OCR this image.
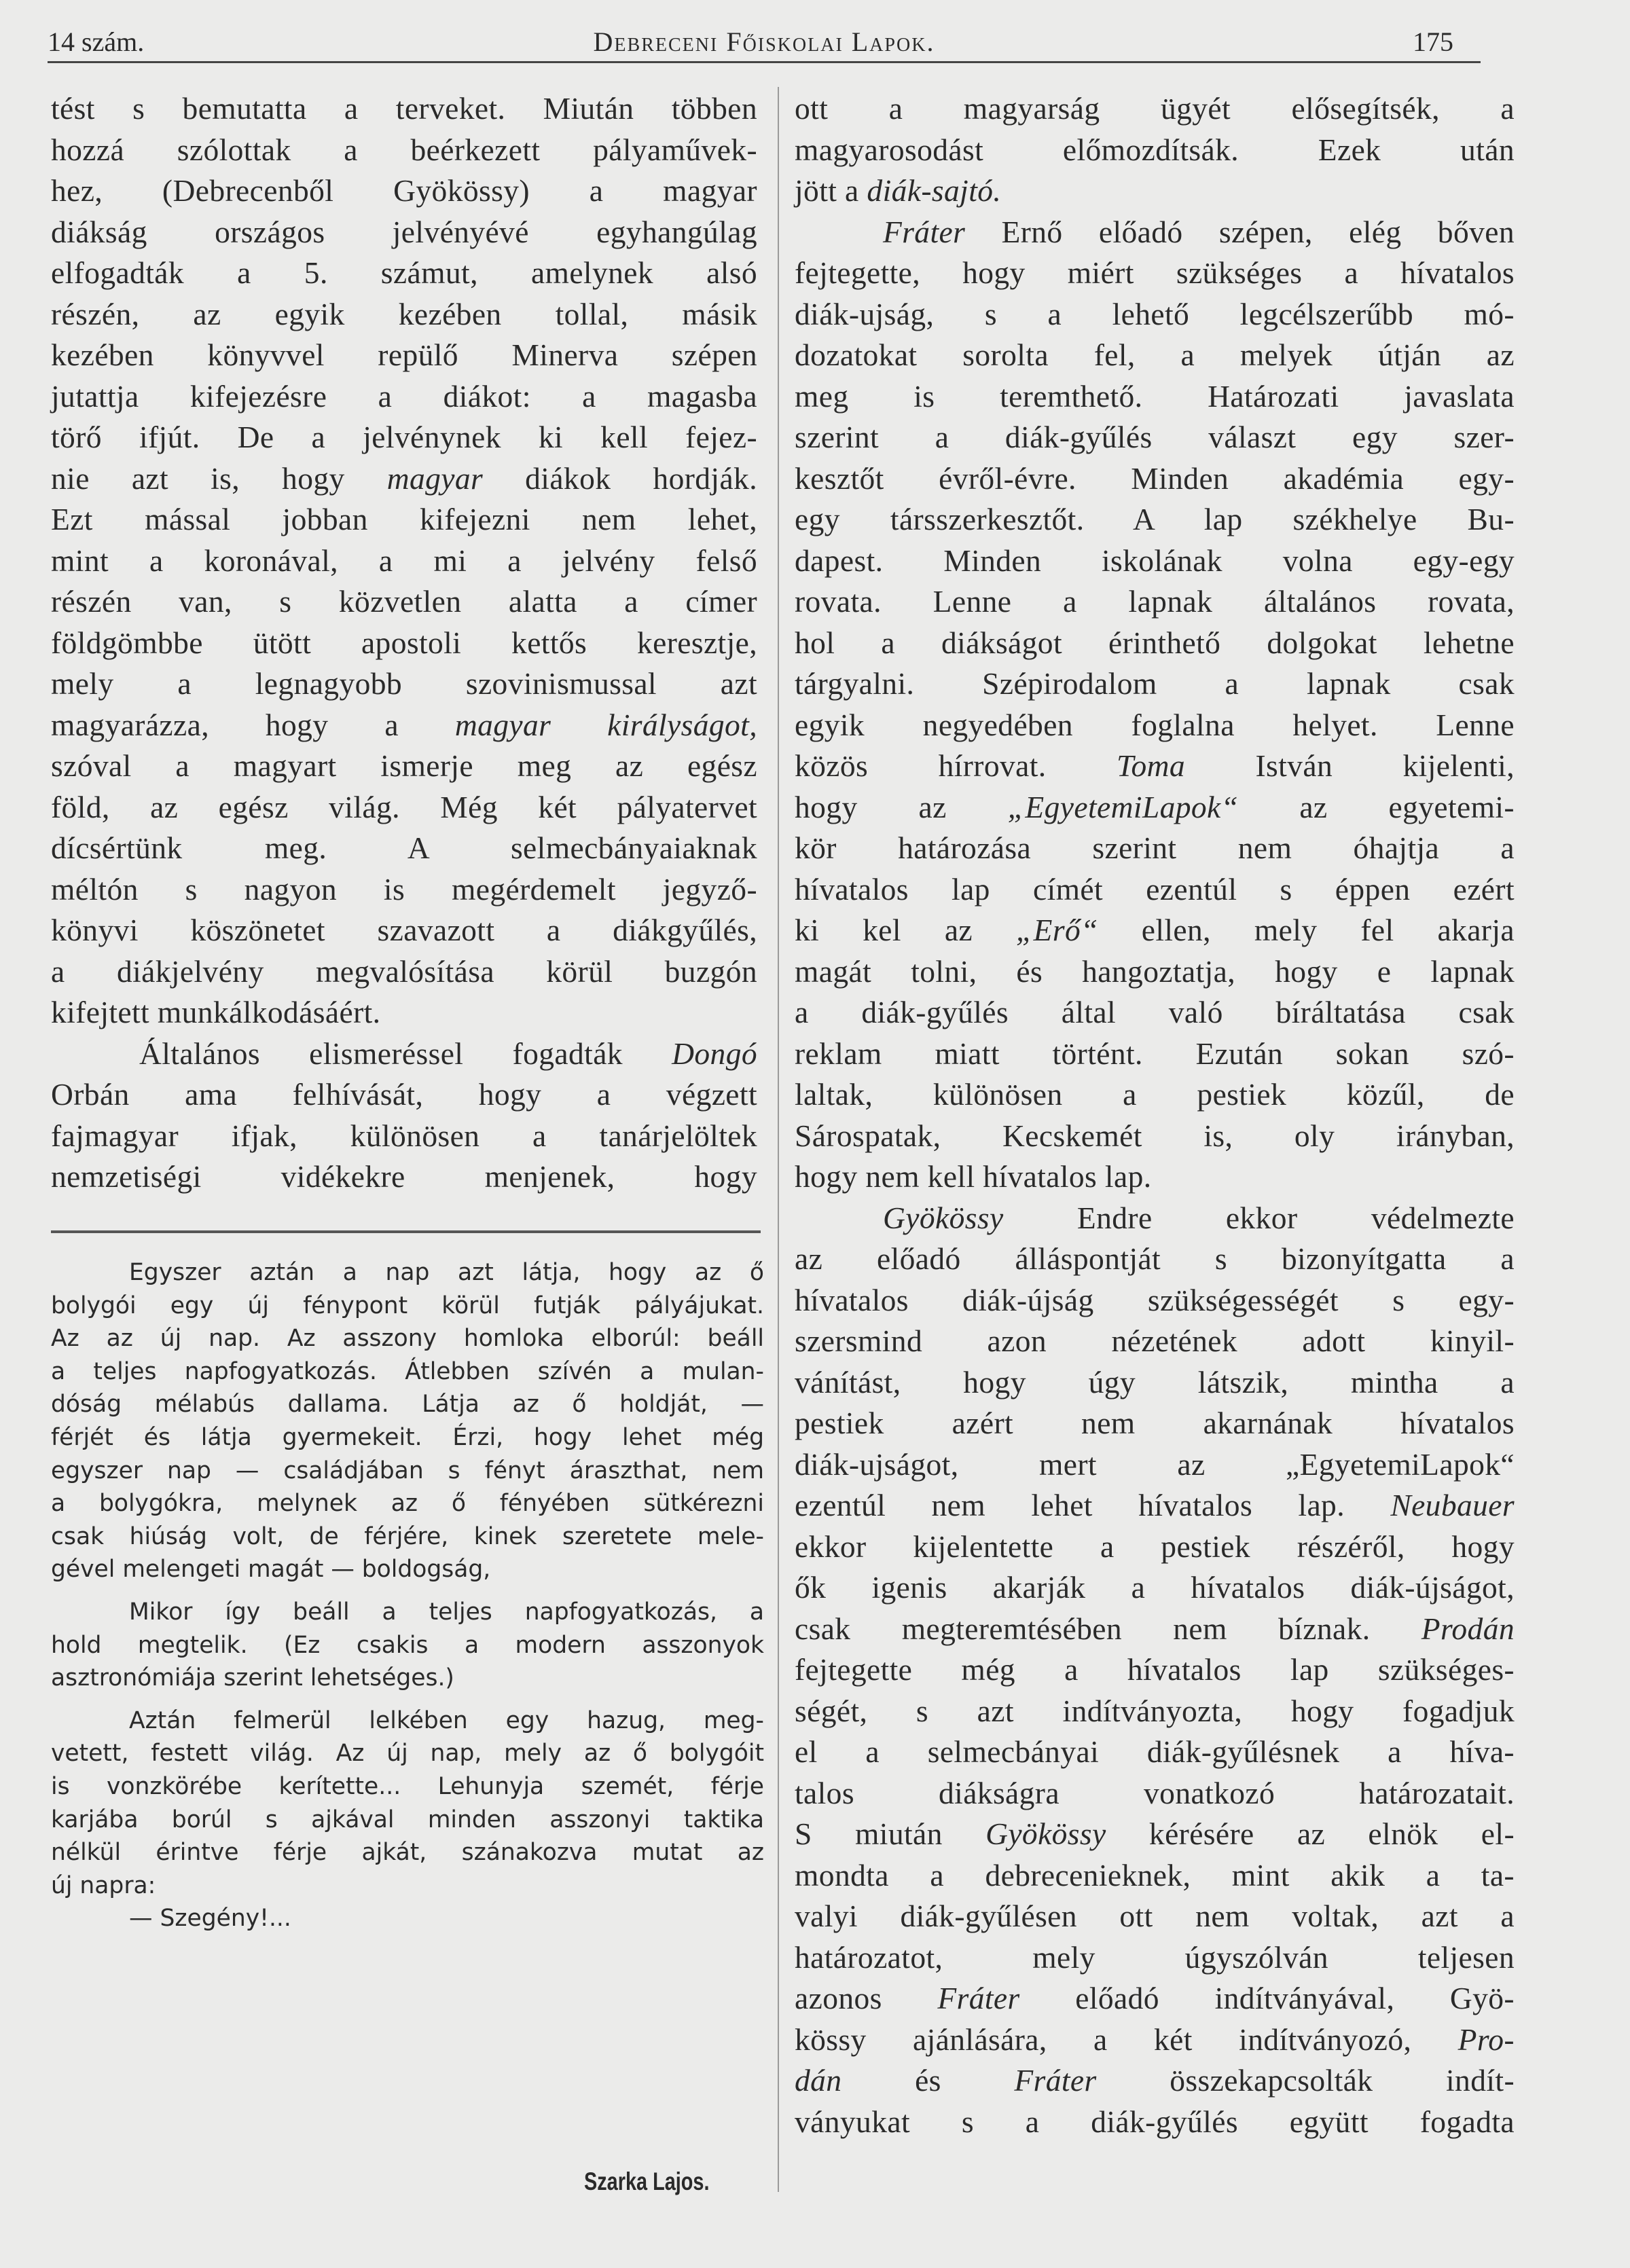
14 szám.	Debreceni Főiskolai Lapok.	175
tést s bemutatta a terveket. Miután többen
hozzá szólottak a beérkezett pályaművek-
hez, (Debrecenből Gyökössy) a magyar
diákság országos jelvényévé egyhangúlag
elfogadták a 5. számut, amelynek alsó
részén, az egyik kezében tollal, másik
kezében könyvvel repülő Minerva szépen
jutattja kifejezésre a diákot: a magasba
törő ifjút. De a jelvénynek ki kell fejez-
nie azt is, hogy magyar diákok hordják.
Ezt mással jobban kifejezni nem lehet,
mint a koronával, a mi a jelvény felső
részén van, s közvetlen alatta a címer
földgömbbe ütött apostoli kettős keresztje,
mely a legnagyobb szovinismussal azt
magyarázza, hogy a magyar királyságot,
szóval a magyart ismerje meg az egész
föld, az egész világ. Még két pályatervet
dícsértünk meg. A selmecbányaiaknak
méltón s nagyon is megérdemelt jegyző-
könyvi köszönetet szavazott a diákgyűlés,
a diákjelvény megvalósítása körül buzgón
kifejtett munkálkodásáért.
Általános elismeréssel fogadták Dongó
Orbán ama felhívását, hogy a végzett
fajmagyar ifjak, különösen a tanárjelöltek
nemzetiségi vidékekre menjenek, hogy
Egyszer aztán a nap azt látja, hogy az ő
bolygói egy új fénypont körül futják pályájukat.
Az az új nap. Az asszony homloka elborúl: beáll
a teljes napfogyatkozás. Átlebben szívén a mulan-
dóság mélabús dallama. Látja az ő holdját, —
férjét és látja gyermekeit. Érzi, hogy lehet még
egyszer nap — családjában s fényt áraszthat, nem
a bolygókra, melynek az ő fényében sütkérezni
csak hiúság volt, de férjére, kinek szeretete mele-
gével melengeti magát — boldogság,
Mikor így beáll a teljes napfogyatkozás, a
hold megtelik. (Ez csakis a modern asszonyok
asztronómiája szerint lehetséges.)
Aztán felmerül lelkében egy hazug, meg-
vetett, festett világ. Az új nap, mely az ő bolygóit
is vonzkörébe kerítette... Lehunyja szemét, férje
karjába borúl s ajkával minden asszonyi taktika
nélkül érintve férje ajkát, szánakozva mutat az
új napra:
— Szegény!...
Szarka Lajos.
ott a magyarság ügyét elősegítsék, a
magyarosodást előmozdítsák. Ezek után
jött a diák-sajtó.
Fráter Ernő előadó szépen, elég bőven
fejtegette, hogy miért szükséges a hívatalos
diák-ujság, s a lehető legcélszerűbb mó-
dozatokat sorolta fel, a melyek útján az
meg is teremthető. Határozati javaslata
szerint a diák-gyűlés választ egy szer-
kesztőt évről-évre. Minden akadémia egy-
egy társszerkesztőt. A lap székhelye Bu-
dapest. Minden iskolának volna egy-egy
rovata. Lenne a lapnak általános rovata,
hol a diákságot érinthető dolgokat lehetne
tárgyalni. Szépirodalom a lapnak csak
egyik negyedében foglalna helyet. Lenne
közös hírrovat. Toma István kijelenti,
hogy az „EgyetemiLapok“ az egyetemi-
kör határozása szerint nem óhajtja a
hívatalos lap címét ezentúl s éppen ezért
ki kel az „Erő“ ellen, mely fel akarja
magát tolni, és hangoztatja, hogy e lapnak
a diák-gyűlés által való bíráltatása csak
reklam miatt történt. Ezután sokan szó-
laltak, különösen a pestiek közűl, de
Sárospatak, Kecskemét is, oly irányban,
hogy nem kell hívatalos lap.
Gyökössy Endre ekkor védelmezte
az előadó álláspontját s bizonyítgatta a
hívatalos diák-újság szükségességét s egy-
szersmind azon nézetének adott kinyil-
vánítást, hogy úgy látszik, mintha a
pestiek azért nem akarnának hívatalos
diák-ujságot, mert az „EgyetemiLapok“
ezentúl nem lehet hívatalos lap. Neubauer
ekkor kijelentette a pestiek részéről, hogy
ők igenis akarják a hívatalos diák-újságot,
csak megteremtésében nem bíznak. Prodán
fejtegette még a hívatalos lap szükséges-
ségét, s azt indítványozta, hogy fogadjuk
el a selmecbányai diák-gyűlésnek a híva-
talos diákságra vonatkozó határozatait.
S miután Gyökössy kérésére az elnök el-
mondta a debrecenieknek, mint akik a ta-
valyi diák-gyűlésen ott nem voltak, azt a
határozatot, mely úgyszólván teljesen
azonos Fráter előadó indítványával, Gyö-
kössy ajánlására, a két indítványozó, Pro-
dán és Fráter összekapcsolták indít-
ványukat s a diák-gyűlés együtt fogadta
